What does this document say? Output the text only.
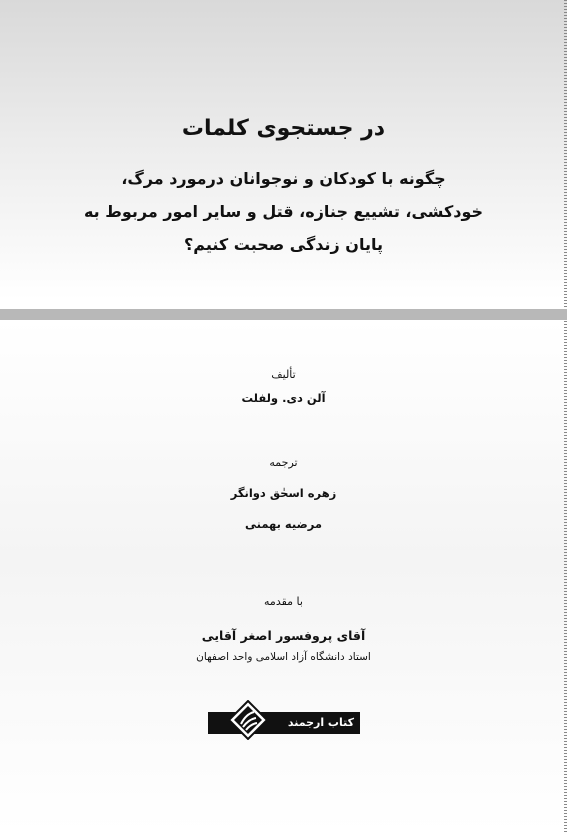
در جستجوی کلمات
چگونه با کودکان و نوجوانان درمورد مرگ،
خودکشی، تشییع جنازه، قتل و سایر امور مربوط به
پایان زندگی صحبت کنیم؟
تألیف
آلن دی. ولفلت
ترجمه
زهره اسحٰق دوانگر
مرضیه بهمنی
با مقدمه
آقای پروفسور اصغر آقایی
استاد دانشگاه آزاد اسلامی واحد اصفهان
کتاب ارجمند
